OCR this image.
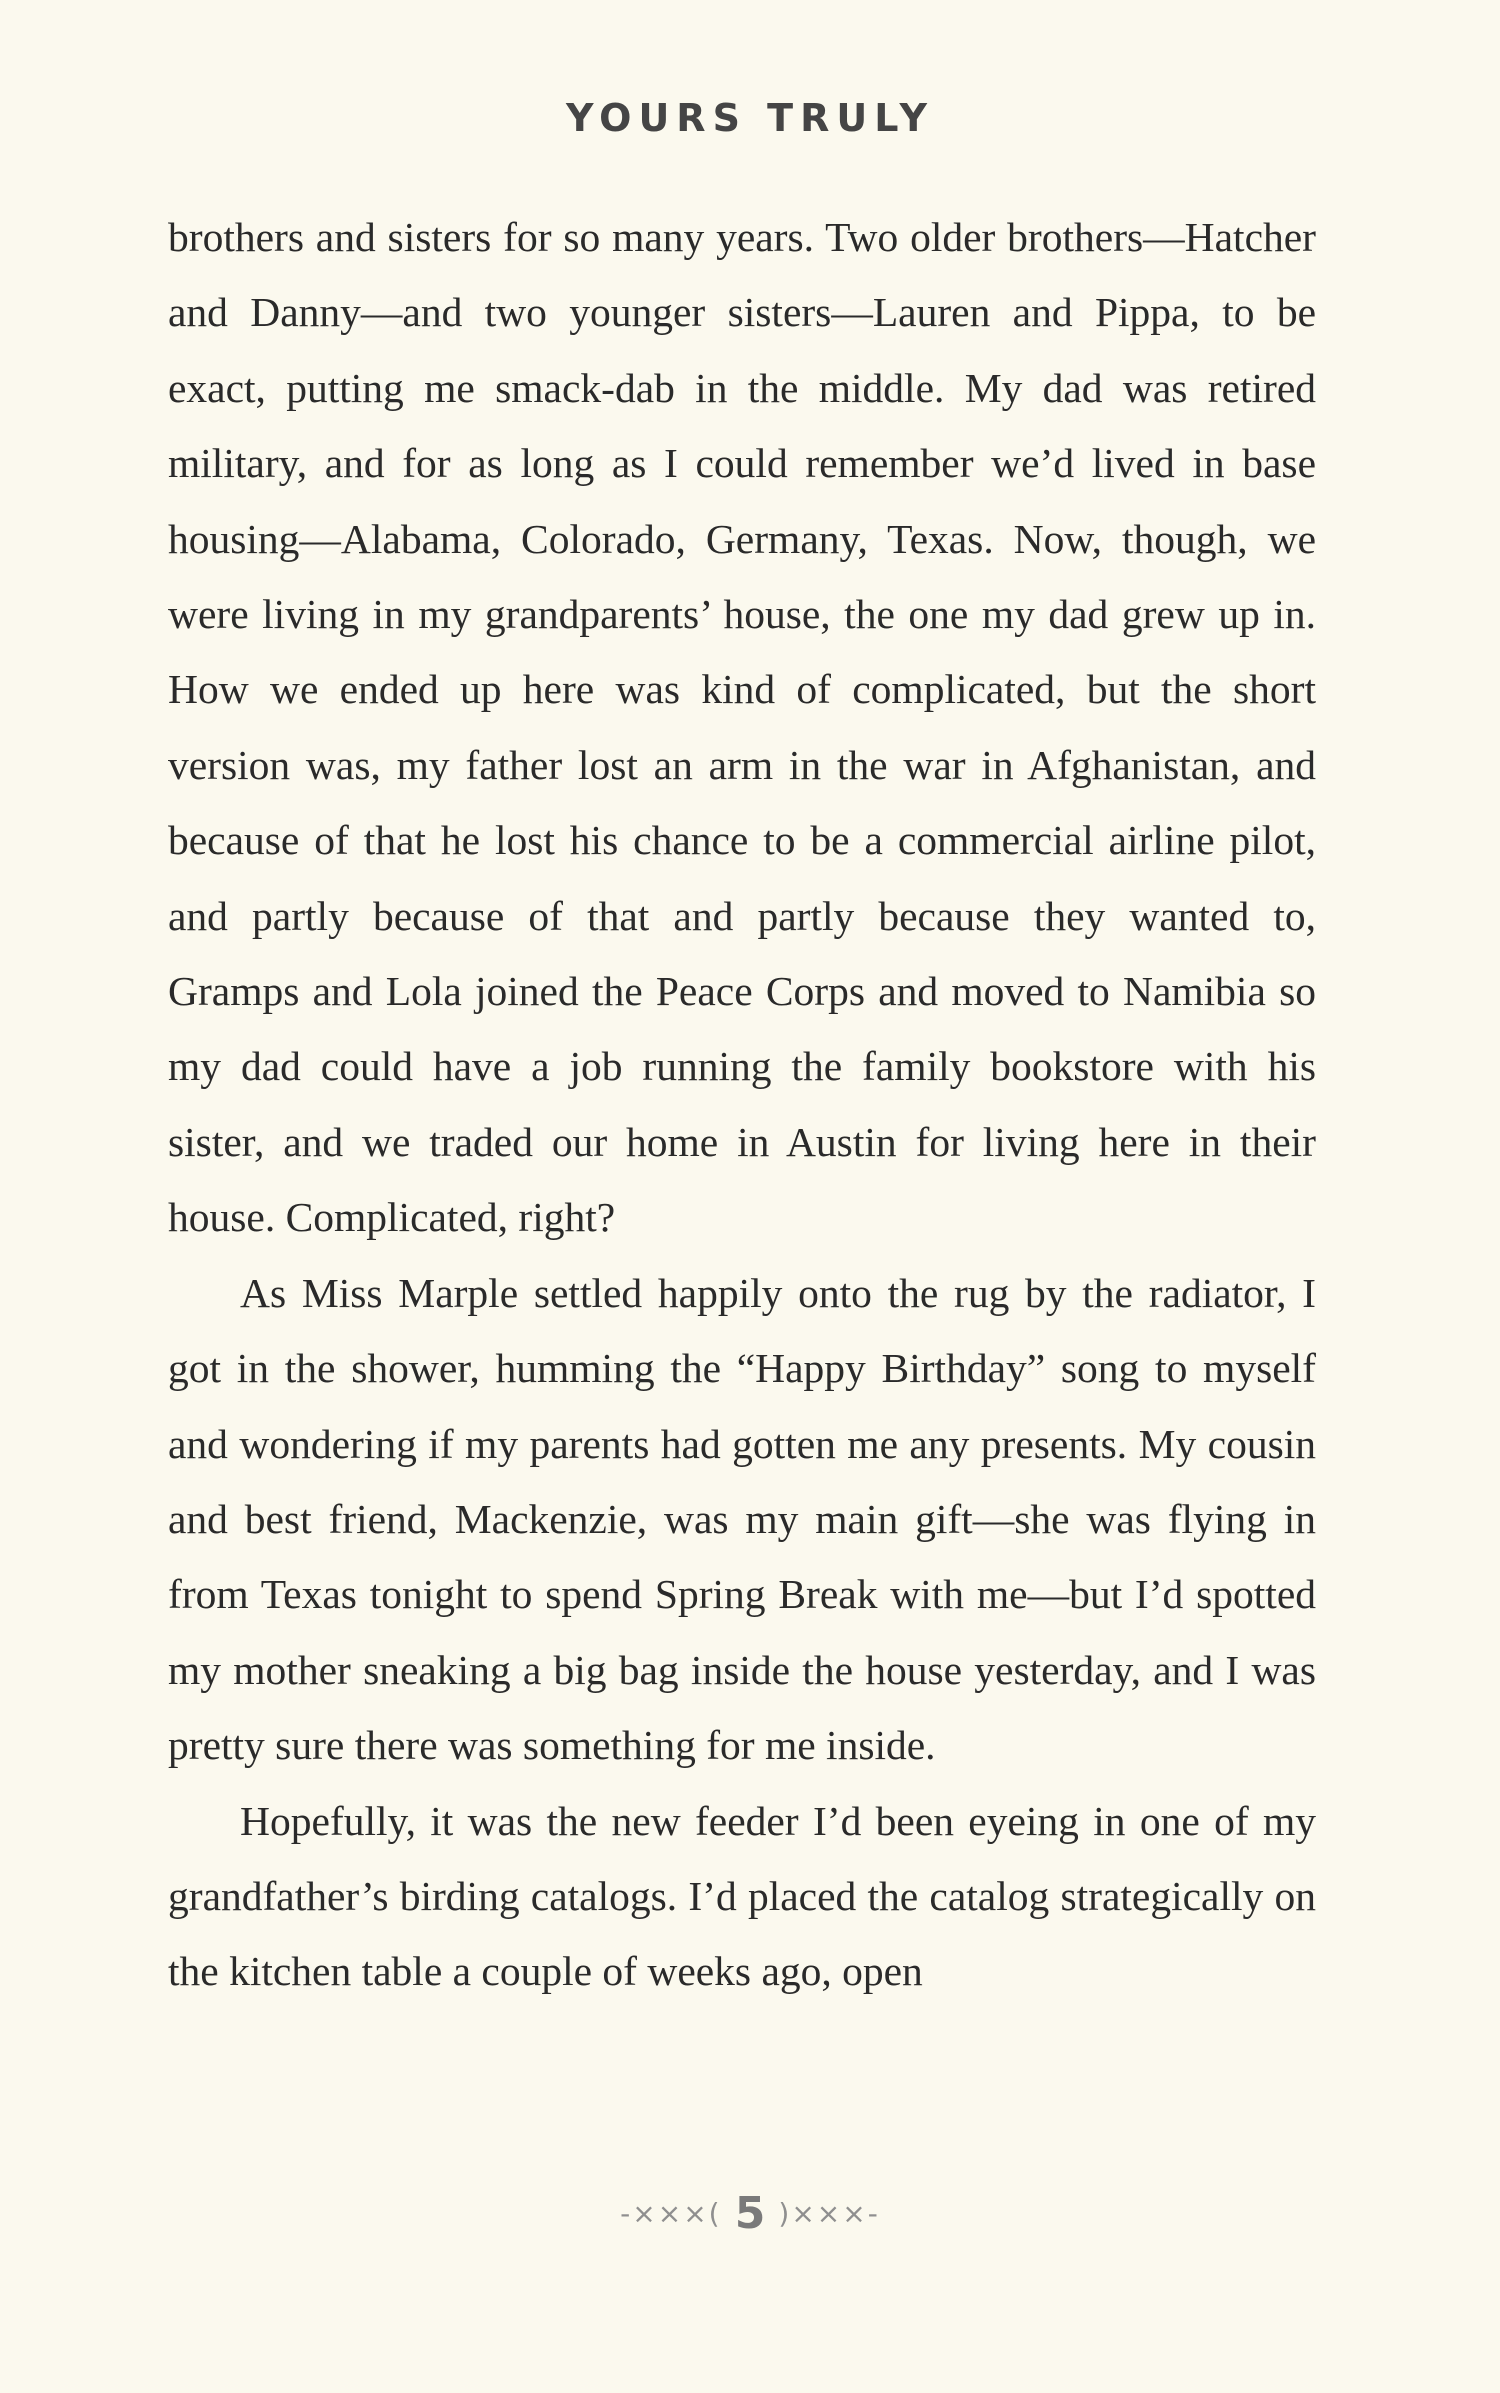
YOURS TRULY

brothers and sisters for so many years. Two older brothers—Hatcher and Danny—and two younger sisters—Lauren and Pippa, to be exact, putting me smack-dab in the middle. My dad was retired military, and for as long as I could remember we’d lived in base housing—Alabama, Colorado, Germany, Texas. Now, though, we were living in my grandparents’ house, the one my dad grew up in. How we ended up here was kind of complicated, but the short version was, my father lost an arm in the war in Afghanistan, and because of that he lost his chance to be a commercial airline pilot, and partly because of that and partly because they wanted to, Gramps and Lola joined the Peace Corps and moved to Namibia so my dad could have a job running the family bookstore with his sister, and we traded our home in Austin for living here in their house. Complicated, right?

As Miss Marple settled happily onto the rug by the radiator, I got in the shower, humming the “Happy Birthday” song to myself and wondering if my parents had gotten me any presents. My cousin and best friend, Mackenzie, was my main gift—she was flying in from Texas tonight to spend Spring Break with me—but I’d spotted my mother sneaking a big bag inside the house yesterday, and I was pretty sure there was something for me inside.

Hopefully, it was the new feeder I’d been eyeing in one of my grandfather’s birding catalogs. I’d placed the catalog strategically on the kitchen table a couple of weeks ago, open

-×××( 5 )×××-
